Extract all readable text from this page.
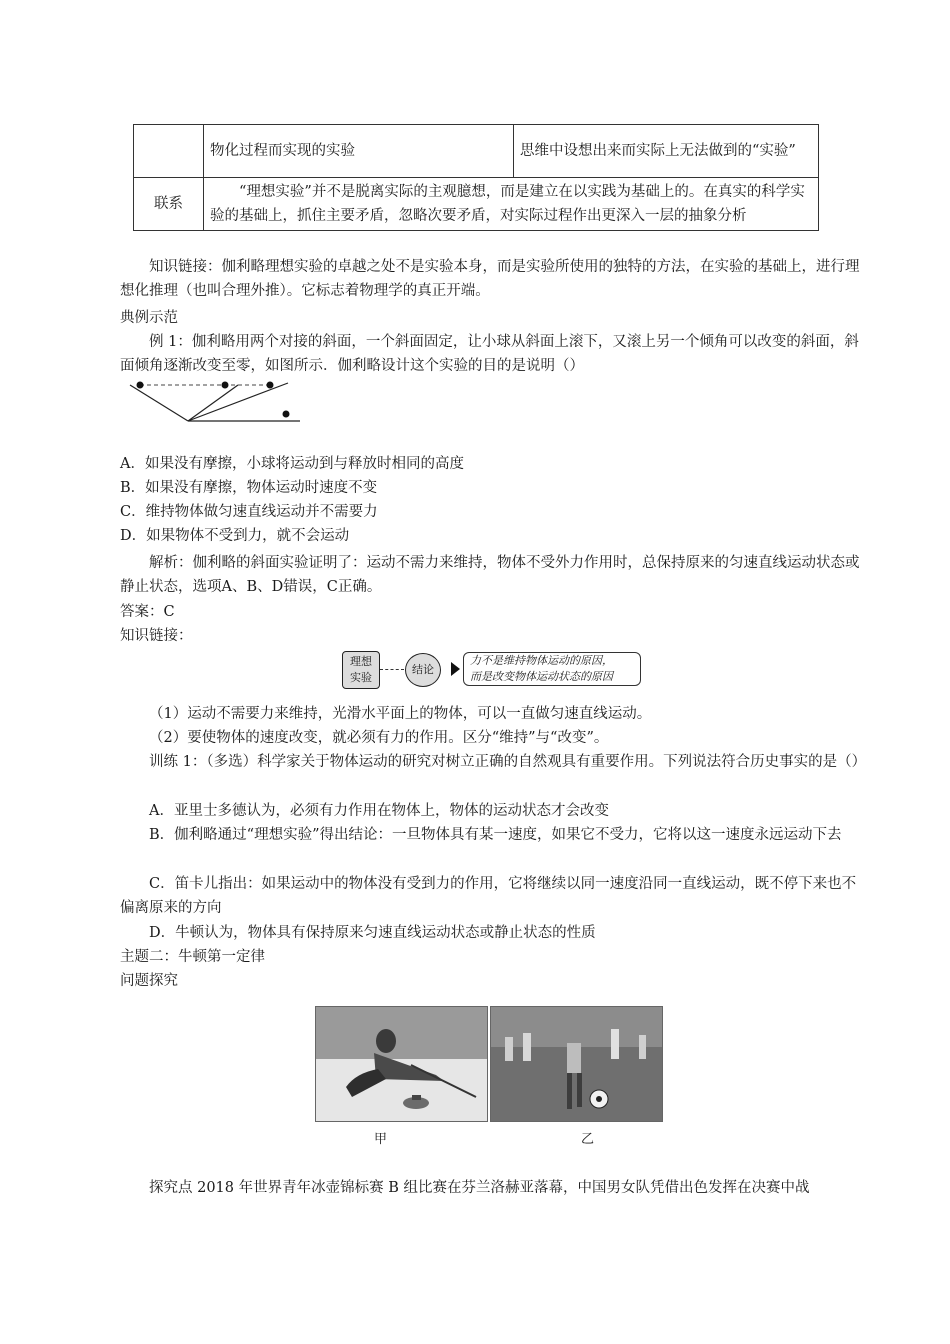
	物化过程而实现的实验	思维中设想出来而实际上无法做到的“实验”
联系	“理想实验”并不是脱离实际的主观臆想，而是建立在以实践为基础上的。在真实的科学实验的基础上，抓住主要矛盾，忽略次要矛盾，对实际过程作出更深入一层的抽象分析	

知识链接：伽利略理想实验的卓越之处不是实验本身，而是实验所使用的独特的方法，在实验的基础上，进行理想化推理（也叫合理外推）。它标志着物理学的真正开端。

典例示范

例 1：伽利略用两个对接的斜面，一个斜面固定，让小球从斜面上滚下，又滚上另一个倾角可以改变的斜面，斜面倾角逐渐改变至零，如图所示．伽利略设计这个实验的目的是说明（）

A．如果没有摩擦，小球将运动到与释放时相同的高度

B．如果没有摩擦，物体运动时速度不变

C．维持物体做匀速直线运动并不需要力

D．如果物体不受到力，就不会运动

解析：伽利略的斜面实验证明了：运动不需力来维持，物体不受外力作用时，总保持原来的匀速直线运动状态或静止状态，选项A、B、D错误，C正确。

答案：C

知识链接：

理想
实验
结论
力不是维持物体运动的原因，
而是改变物体运动状态的原因

（1）运动不需要力来维持，光滑水平面上的物体，可以一直做匀速直线运动。

（2）要使物体的速度改变，就必须有力的作用。区分“维持”与“改变”。

训练 1：（多选）科学家关于物体运动的研究对树立正确的自然观具有重要作用。下列说法符合历史事实的是（）

A．亚里士多德认为，必须有力作用在物体上，物体的运动状态才会改变

B．伽利略通过“理想实验”得出结论：一旦物体具有某一速度，如果它不受力，它将以这一速度永远运动下去

C．笛卡儿指出：如果运动中的物体没有受到力的作用，它将继续以同一速度沿同一直线运动，既不停下来也不偏离原来的方向

D．牛顿认为，物体具有保持原来匀速直线运动状态或静止状态的性质

主题二：牛顿第一定律

问题探究

甲	乙

探究点 2018 年世界青年冰壶锦标赛 B 组比赛在芬兰洛赫亚落幕，中国男女队凭借出色发挥在决赛中战
